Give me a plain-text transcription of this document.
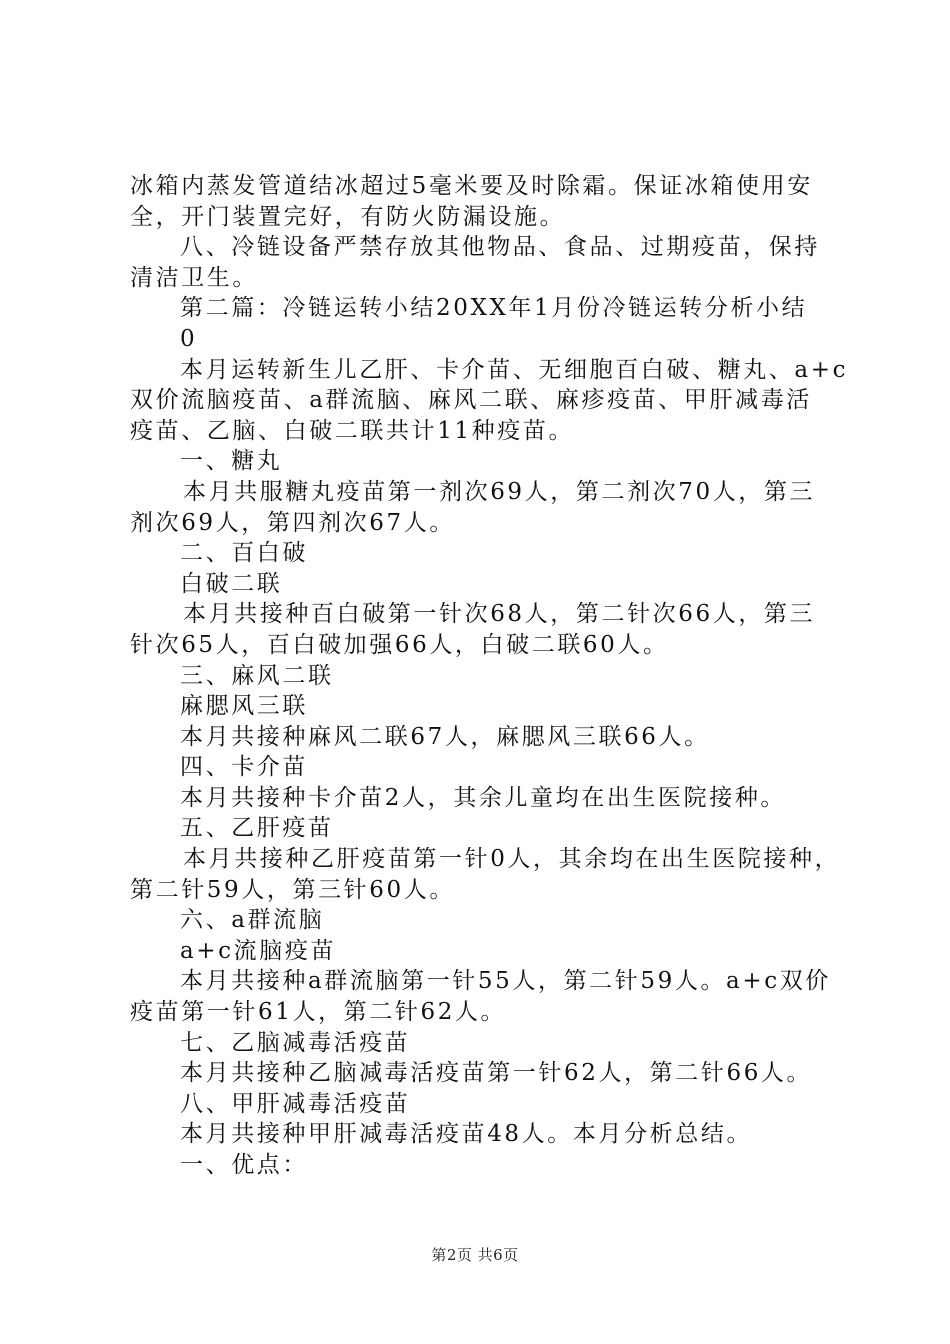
冰箱内蒸发管道结冰超过5毫米要及时除霜。保证冰箱使用安
全，开门装置完好，有防火防漏设施。
八、冷链设备严禁存放其他物品、食品、过期疫苗，保持
清洁卫生。
第二篇：冷链运转小结20XX年1月份冷链运转分析小结
0
本月运转新生儿乙肝、卡介苗、无细胞百白破、糖丸、a+c
双价流脑疫苗、a群流脑、麻风二联、麻疹疫苗、甲肝减毒活
疫苗、乙脑、白破二联共计11种疫苗。
一、糖丸
本月共服糖丸疫苗第一剂次69人，第二剂次70人，第三
剂次69人，第四剂次67人。
二、百白破
白破二联
本月共接种百白破第一针次68人，第二针次66人，第三
针次65人，百白破加强66人，白破二联60人。
三、麻风二联
麻腮风三联
本月共接种麻风二联67人，麻腮风三联66人。
四、卡介苗
本月共接种卡介苗2人，其余儿童均在出生医院接种。
五、乙肝疫苗
本月共接种乙肝疫苗第一针0人，其余均在出生医院接种，
第二针59人，第三针60人。
六、a群流脑
a+c流脑疫苗
本月共接种a群流脑第一针55人，第二针59人。a+c双价
疫苗第一针61人，第二针62人。
七、乙脑减毒活疫苗
本月共接种乙脑减毒活疫苗第一针62人，第二针66人。
八、甲肝减毒活疫苗
本月共接种甲肝减毒活疫苗48人。本月分析总结。
一、优点：
第2页 共6页
